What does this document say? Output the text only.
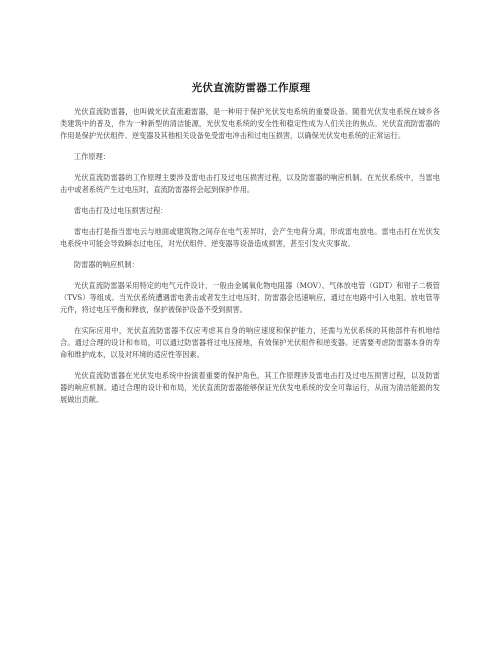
光伏直流防雷器工作原理

光伏直流防雷器，也叫做光伏直流避雷器，是一种用于保护光伏发电系统的重要设备。随着光伏发电系统在城乡各类建筑中的普及，作为一种新型的清洁能源，光伏发电系统的安全性和稳定性成为人们关注的焦点。光伏直流防雷器的作用是保护光伏组件、逆变器及其他相关设备免受雷电冲击和过电压损害，以确保光伏发电系统的正常运行。

工作原理：

光伏直流防雷器的工作原理主要涉及雷电击打及过电压损害过程，以及防雷器的响应机制。在光伏系统中，当雷电击中或者系统产生过电压时，直流防雷器将会起到保护作用。

雷电击打及过电压损害过程：

雷电击打是指当雷电云与地面或建筑物之间存在电气差异时，会产生电荷分离，形成雷电放电。雷电击打在光伏发电系统中可能会导致瞬态过电压，对光伏组件、逆变器等设备造成损害，甚至引发火灾事故。

防雷器的响应机制：

光伏直流防雷器采用特定的电气元件设计，一般由金属氧化物电阻器（MOV）、气体放电管（GDT）和钳子二极管（TVS）等组成。当光伏系统遭遇雷电袭击或者发生过电压时，防雷器会迅速响应，通过在电路中引入电阻、放电管等元件，将过电压平衡和释放，保护被保护设备不受到损害。

在实际应用中，光伏直流防雷器不仅应考虑其自身的响应速度和保护能力，还需与光伏系统的其他部件有机地结合。通过合理的设计和布局，可以通过防雷器将过电压接地，有效保护光伏组件和逆变器。还需要考虑防雷器本身的寿命和维护成本，以及对环境的适应性等因素。

光伏直流防雷器在光伏发电系统中扮演着重要的保护角色，其工作原理涉及雷电击打及过电压损害过程，以及防雷器的响应机制。通过合理的设计和布局，光伏直流防雷器能够保证光伏发电系统的安全可靠运行，从而为清洁能源的发展做出贡献。
